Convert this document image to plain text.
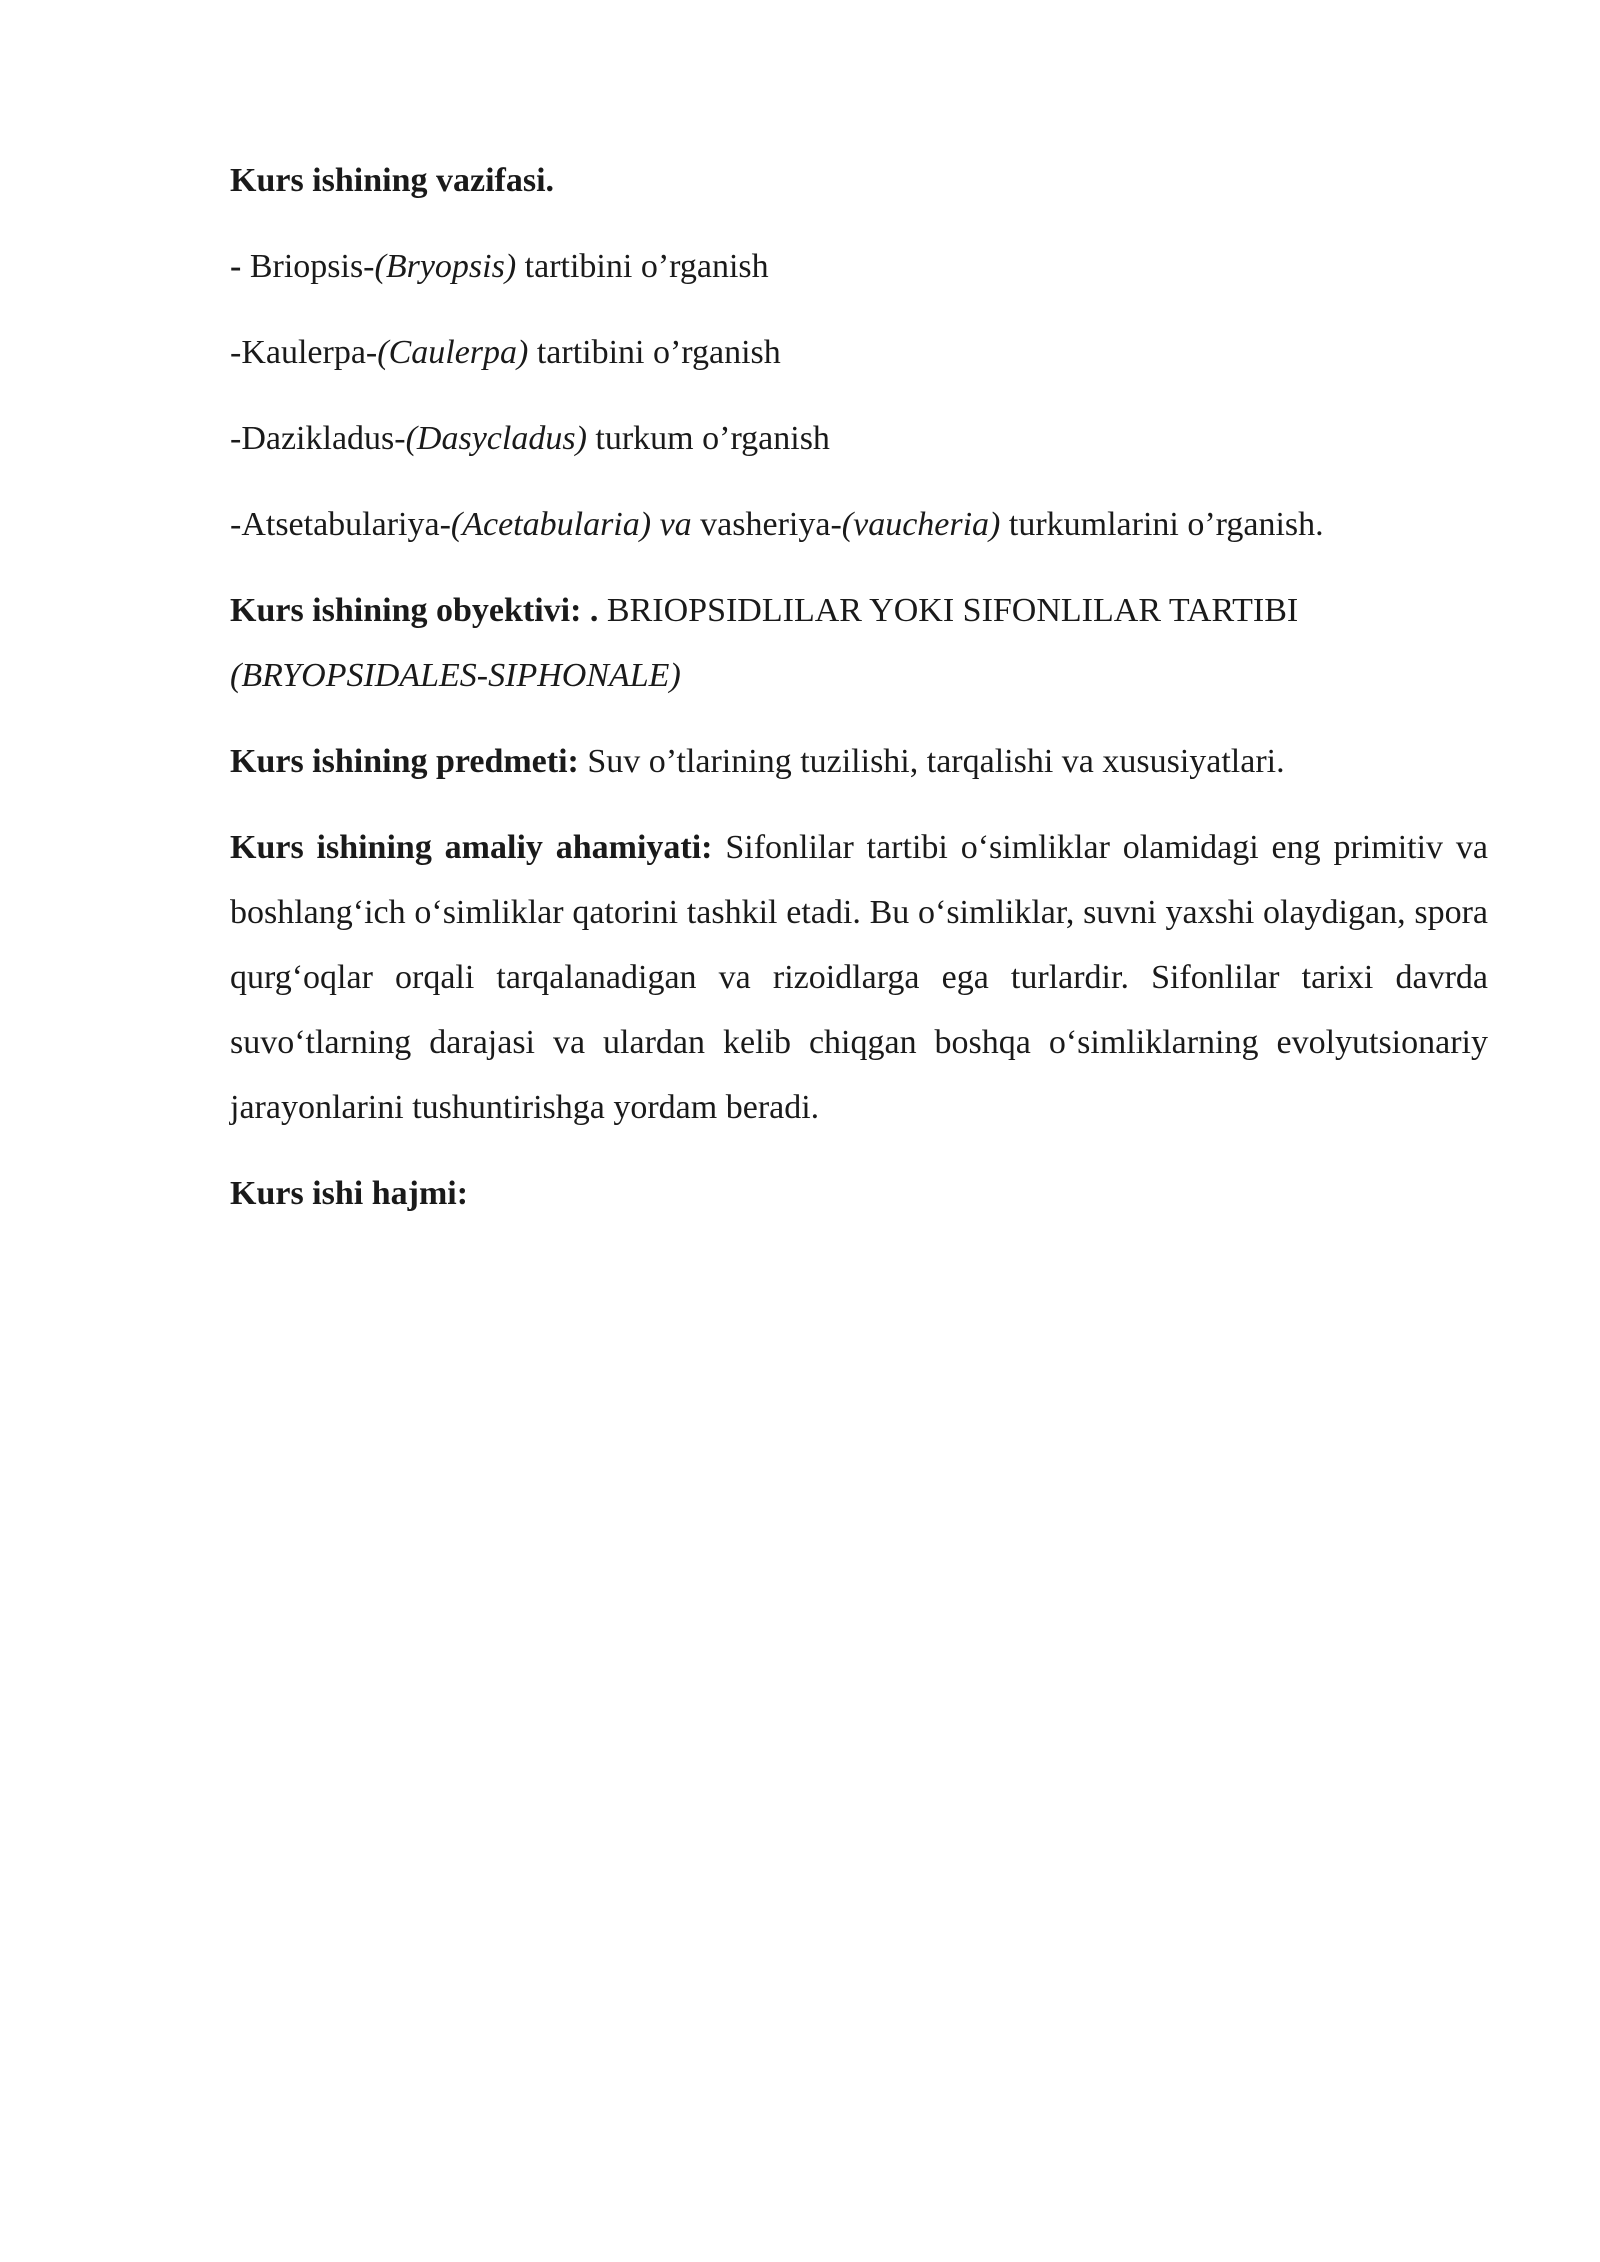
Kurs ishining vazifasi.

- Briopsis-(Bryopsis) tartibini o’rganish

-Kaulerpa-(Caulerpa) tartibini o’rganish

-Dazikladus-(Dasycladus) turkum o’rganish

-Atsetabulariya-(Acetabularia) va vasheriya-(vaucheria) turkumlarini o’rganish.

Kurs ishining obyektivi: . BRIOPSIDLILAR YOKI SIFONLILAR TARTIBI
(BRYOPSIDALES-SIPHONALE)

Kurs ishining predmeti: Suv o’tlarining tuzilishi, tarqalishi va xususiyatlari.

Kurs ishining amaliy ahamiyati: Sifonlilar tartibi o‘simliklar olamidagi eng primitiv va boshlang‘ich o‘simliklar qatorini tashkil etadi. Bu o‘simliklar, suvni yaxshi olaydigan, spora qurg‘oqlar orqali tarqalanadigan va rizoidlarga ega turlardir. Sifonlilar tarixi davrda suvo‘tlarning darajasi va ulardan kelib chiqgan boshqa o‘simliklarning evolyutsionariy jarayonlarini tushuntirishga yordam beradi.

Kurs ishi hajmi:
